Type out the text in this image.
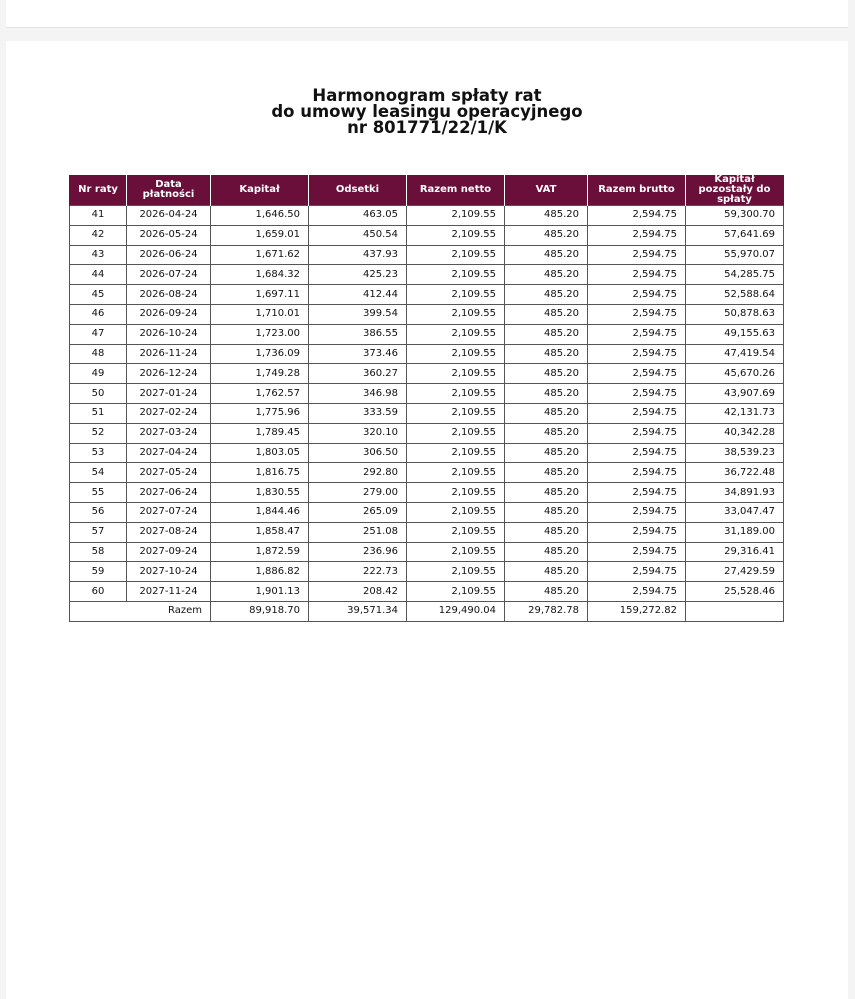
Harmonogram spłaty rat
do umowy leasingu operacyjnego
nr 801771/22/1/K
Nr raty	Data płatności	Kapitał	Odsetki	Razem netto	VAT	Razem brutto	Kapitał pozostały do spłaty
41	2026-04-24	1,646.50	463.05	2,109.55	485.20	2,594.75	59,300.70
42	2026-05-24	1,659.01	450.54	2,109.55	485.20	2,594.75	57,641.69
43	2026-06-24	1,671.62	437.93	2,109.55	485.20	2,594.75	55,970.07
44	2026-07-24	1,684.32	425.23	2,109.55	485.20	2,594.75	54,285.75
45	2026-08-24	1,697.11	412.44	2,109.55	485.20	2,594.75	52,588.64
46	2026-09-24	1,710.01	399.54	2,109.55	485.20	2,594.75	50,878.63
47	2026-10-24	1,723.00	386.55	2,109.55	485.20	2,594.75	49,155.63
48	2026-11-24	1,736.09	373.46	2,109.55	485.20	2,594.75	47,419.54
49	2026-12-24	1,749.28	360.27	2,109.55	485.20	2,594.75	45,670.26
50	2027-01-24	1,762.57	346.98	2,109.55	485.20	2,594.75	43,907.69
51	2027-02-24	1,775.96	333.59	2,109.55	485.20	2,594.75	42,131.73
52	2027-03-24	1,789.45	320.10	2,109.55	485.20	2,594.75	40,342.28
53	2027-04-24	1,803.05	306.50	2,109.55	485.20	2,594.75	38,539.23
54	2027-05-24	1,816.75	292.80	2,109.55	485.20	2,594.75	36,722.48
55	2027-06-24	1,830.55	279.00	2,109.55	485.20	2,594.75	34,891.93
56	2027-07-24	1,844.46	265.09	2,109.55	485.20	2,594.75	33,047.47
57	2027-08-24	1,858.47	251.08	2,109.55	485.20	2,594.75	31,189.00
58	2027-09-24	1,872.59	236.96	2,109.55	485.20	2,594.75	29,316.41
59	2027-10-24	1,886.82	222.73	2,109.55	485.20	2,594.75	27,429.59
60	2027-11-24	1,901.13	208.42	2,109.55	485.20	2,594.75	25,528.46
Razem		89,918.70	39,571.34	129,490.04	29,782.78	159,272.82	
otoMoto
